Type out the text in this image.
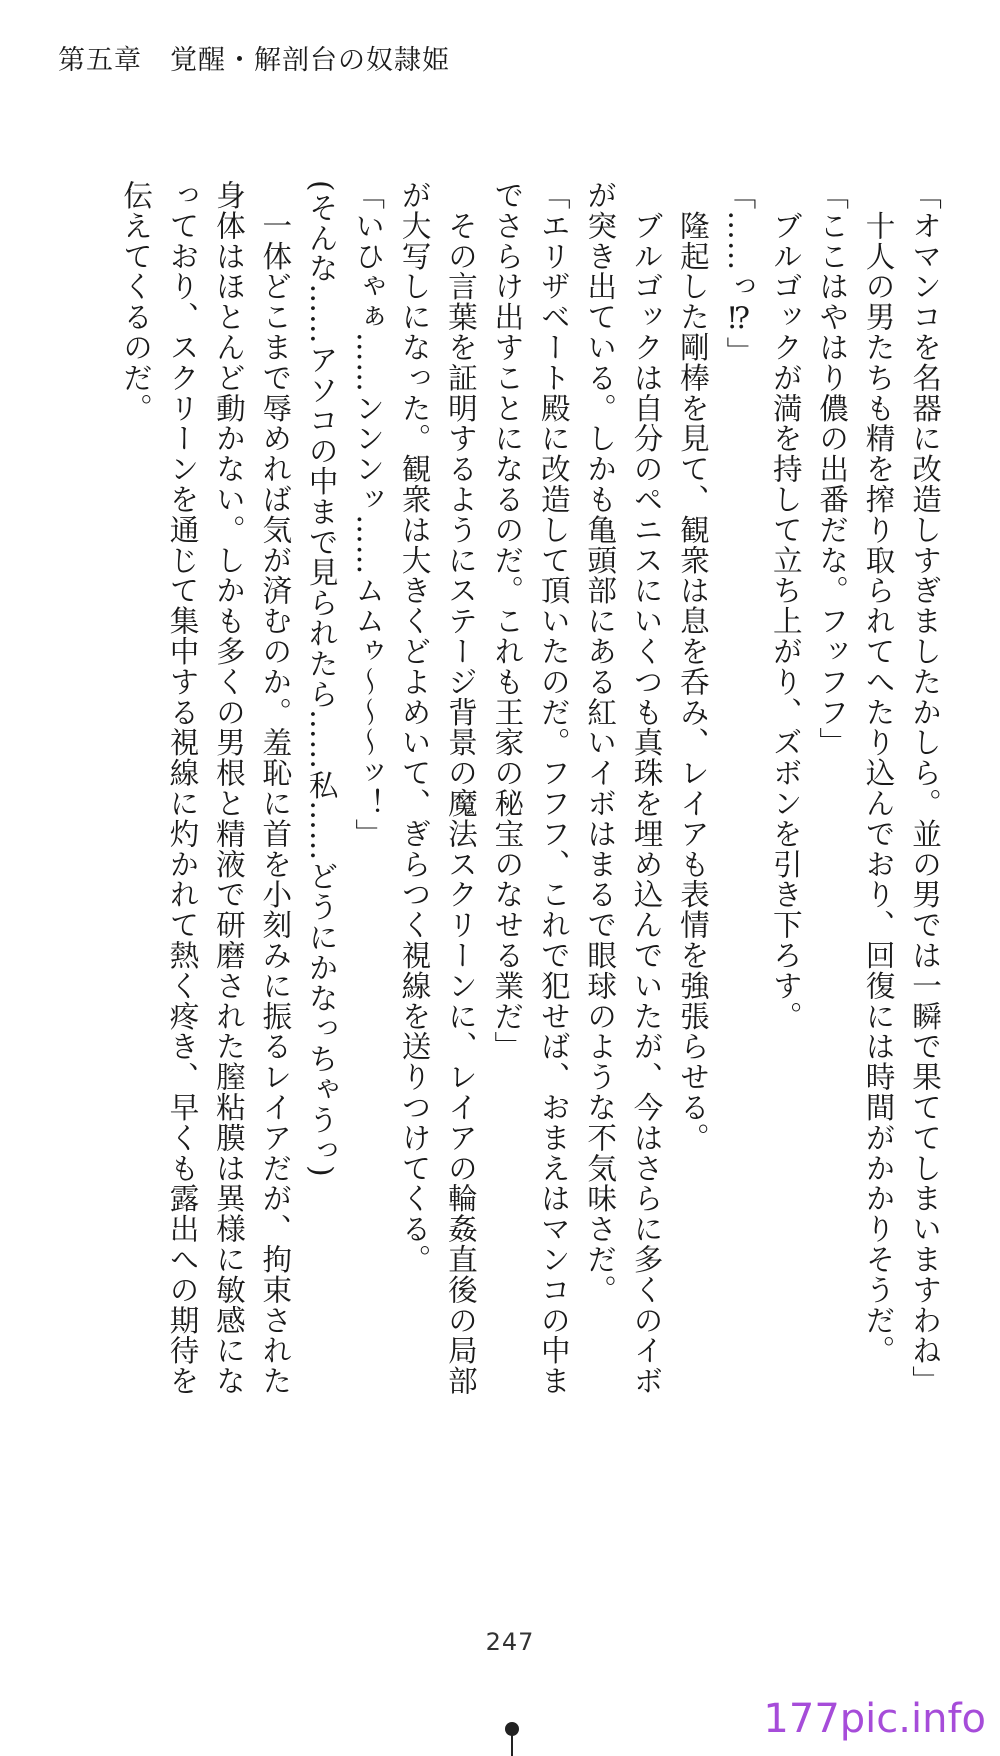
第五章　覚醒・解剖台の奴隷姫
「オマンコを名器に改造しすぎましたかしら。並の男では一瞬で果ててしまいますわね」
　十人の男たちも精を搾り取られてへたり込んでおり、回復には時間がかかりそうだ。
「ここはやはり儂の出番だな。フッフフ」
　ブルゴックが満を持して立ち上がり、ズボンを引き下ろす。
「……っ⁉」
　隆起した剛棒を見て、観衆は息を呑み、レイアも表情を強張らせる。
　ブルゴックは自分のペニスにいくつも真珠を埋め込んでいたが、今はさらに多くのイボ
が突き出ている。しかも亀頭部にある紅いイボはまるで眼球のような不気味さだ。
「エリザベート殿に改造して頂いたのだ。フフフ、これで犯せば、おまえはマンコの中ま
でさらけ出すことになるのだ。これも王家の秘宝のなせる業だ」
　その言葉を証明するようにステージ背景の魔法スクリーンに、レイアの輪姦直後の局部
が大写しになった。観衆は大きくどよめいて、ぎらつく視線を送りつけてくる。
「いひゃぁ……ンンンッ……ムムゥ〜〜〜ッ！」
(そんな……アソコの中まで見られたら……私……どうにかなっちゃうっ)
　一体どこまで辱めれば気が済むのか。羞恥に首を小刻みに振るレイアだが、拘束された
身体はほとんど動かない。しかも多くの男根と精液で研磨された膣粘膜は異様に敏感にな
っており、スクリーンを通じて集中する視線に灼かれて熱く疼き、早くも露出への期待を
伝えてくるのだ。
247
177pic.info
